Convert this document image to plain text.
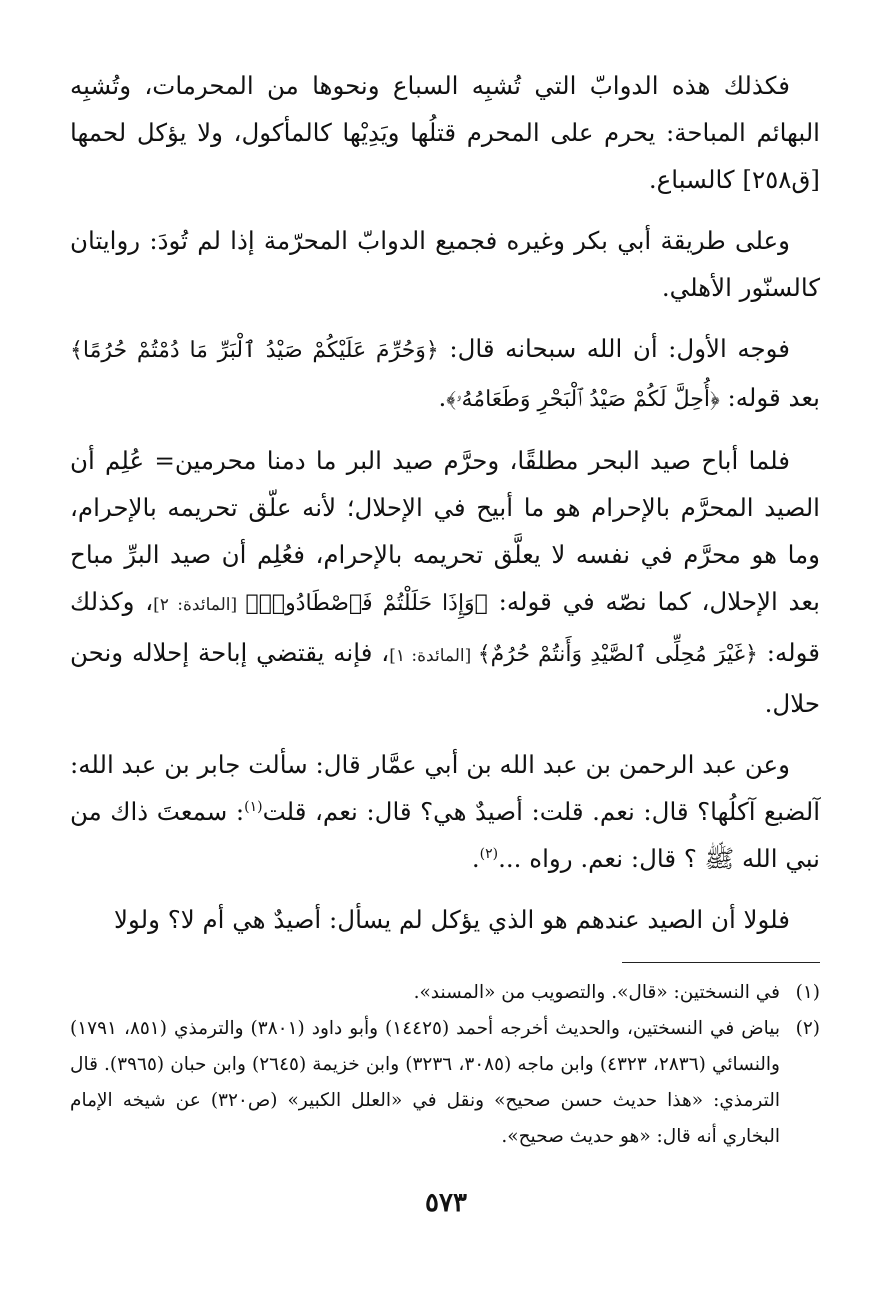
فكذلك هذه الدوابّ التي تُشبِه السباع ونحوها من المحرمات، وتُشبِه البهائم المباحة: يحرم على المحرم قتلُها ويَدِيْها كالمأكول، ولا يؤكل لحمها [ق٢٥٨] كالسباع.

وعلى طريقة أبي بكر وغيره فجميع الدوابّ المحرّمة إذا لم تُودَ: روايتان كالسنّور الأهلي.

فوجه الأول: أن الله سبحانه قال: ﴿وَحُرِّمَ عَلَيْكُمْ صَيْدُ ٱلْبَرِّ مَا دُمْتُمْ حُرُمًا﴾ بعد قوله: ﴿أُحِلَّ لَكُمْ صَيْدُ ٱلْبَحْرِ وَطَعَامُهُۥ﴾.

فلما أباح صيد البحر مطلقًا، وحرَّم صيد البر ما دمنا محرمين= عُلِم أن الصيد المحرَّم بالإحرام هو ما أبيح في الإحلال؛ لأنه علّق تحريمه بالإحرام، وما هو محرَّم في نفسه لا يعلَّق تحريمه بالإحرام، فعُلِم أن صيد البرِّ مباح بعد الإحلال، كما نصّه في قوله: ﴿وَإِذَا حَلَلْتُمْ فَٱصْطَادُوا۟﴾ [المائدة: ٢]، وكذلك قوله: ﴿غَيْرَ مُحِلِّى ٱلصَّيْدِ وَأَنتُمْ حُرُمٌ﴾ [المائدة: ١]، فإنه يقتضي إباحة إحلاله ونحن حلال.

وعن عبد الرحمن بن عبد الله بن أبي عمَّار قال: سألت جابر بن عبد الله: آلضبع آكلُها؟ قال: نعم. قلت: أصيدٌ هي؟ قال: نعم، قلت$^{(١)}$: سمعتَ ذاك من نبي الله ﷺ ؟ قال: نعم. رواه ...$^{(٢)}$.

فلولا أن الصيد عندهم هو الذي يؤكل لم يسأل: أصيدٌ هي أم لا؟ ولولا

(١)
في النسختين: «قال». والتصويب من «المسند».
(٢)
بياض في النسختين، والحديث أخرجه أحمد (١٤٤٢٥) وأبو داود (٣٨٠١) والترمذي (٨٥١، ١٧٩١) والنسائي (٢٨٣٦، ٤٣٢٣) وابن ماجه (٣٠٨٥، ٣٢٣٦) وابن خزيمة (٢٦٤٥) وابن حبان (٣٩٦٥). قال الترمذي: «هذا حديث حسن صحيح» ونقل في «العلل الكبير» (ص٣٢٠) عن شيخه الإمام البخاري أنه قال: «هو حديث صحيح».
٥٧٣
